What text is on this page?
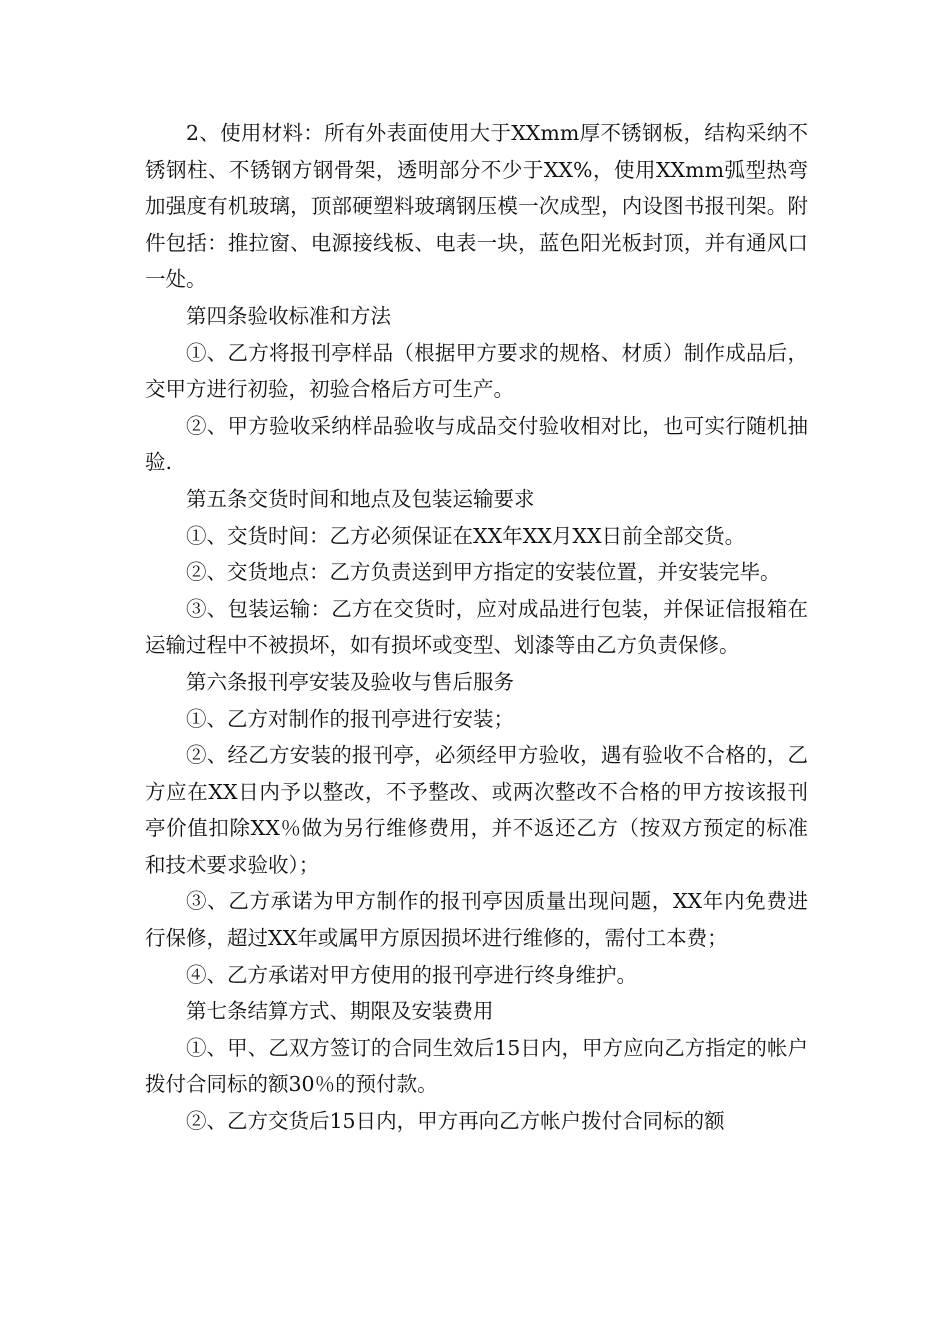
2、使用材料：所有外表面使用大于XXmm厚不锈钢板，结构采纳不锈钢柱、不锈钢方钢骨架，透明部分不少于XX%，使用XXmm弧型热弯加强度有机玻璃，顶部硬塑料玻璃钢压模一次成型，内设图书报刊架。附件包括：推拉窗、电源接线板、电表一块，蓝色阳光板封顶，并有通风口一处。

第四条验收标准和方法

①、乙方将报刊亭样品（根据甲方要求的规格、材质）制作成品后，交甲方进行初验，初验合格后方可生产。

②、甲方验收采纳样品验收与成品交付验收相对比，也可实行随机抽验.

第五条交货时间和地点及包装运输要求

①、交货时间：乙方必须保证在XX年XX月XX日前全部交货。

②、交货地点：乙方负责送到甲方指定的安装位置，并安装完毕。

③、包装运输：乙方在交货时，应对成品进行包装，并保证信报箱在运输过程中不被损坏，如有损坏或变型、划漆等由乙方负责保修。

第六条报刊亭安装及验收与售后服务

①、乙方对制作的报刊亭进行安装；

②、经乙方安装的报刊亭，必须经甲方验收，遇有验收不合格的，乙方应在XX日内予以整改，不予整改、或两次整改不合格的甲方按该报刊亭价值扣除XX％做为另行维修费用，并不返还乙方（按双方预定的标准和技术要求验收）；

③、乙方承诺为甲方制作的报刊亭因质量出现问题，XX年内免费进行保修，超过XX年或属甲方原因损坏进行维修的，需付工本费；

④、乙方承诺对甲方使用的报刊亭进行终身维护。

第七条结算方式、期限及安装费用

①、甲、乙双方签订的合同生效后15日内，甲方应向乙方指定的帐户拨付合同标的额30％的预付款。

②、乙方交货后15日内，甲方再向乙方帐户拨付合同标的额
